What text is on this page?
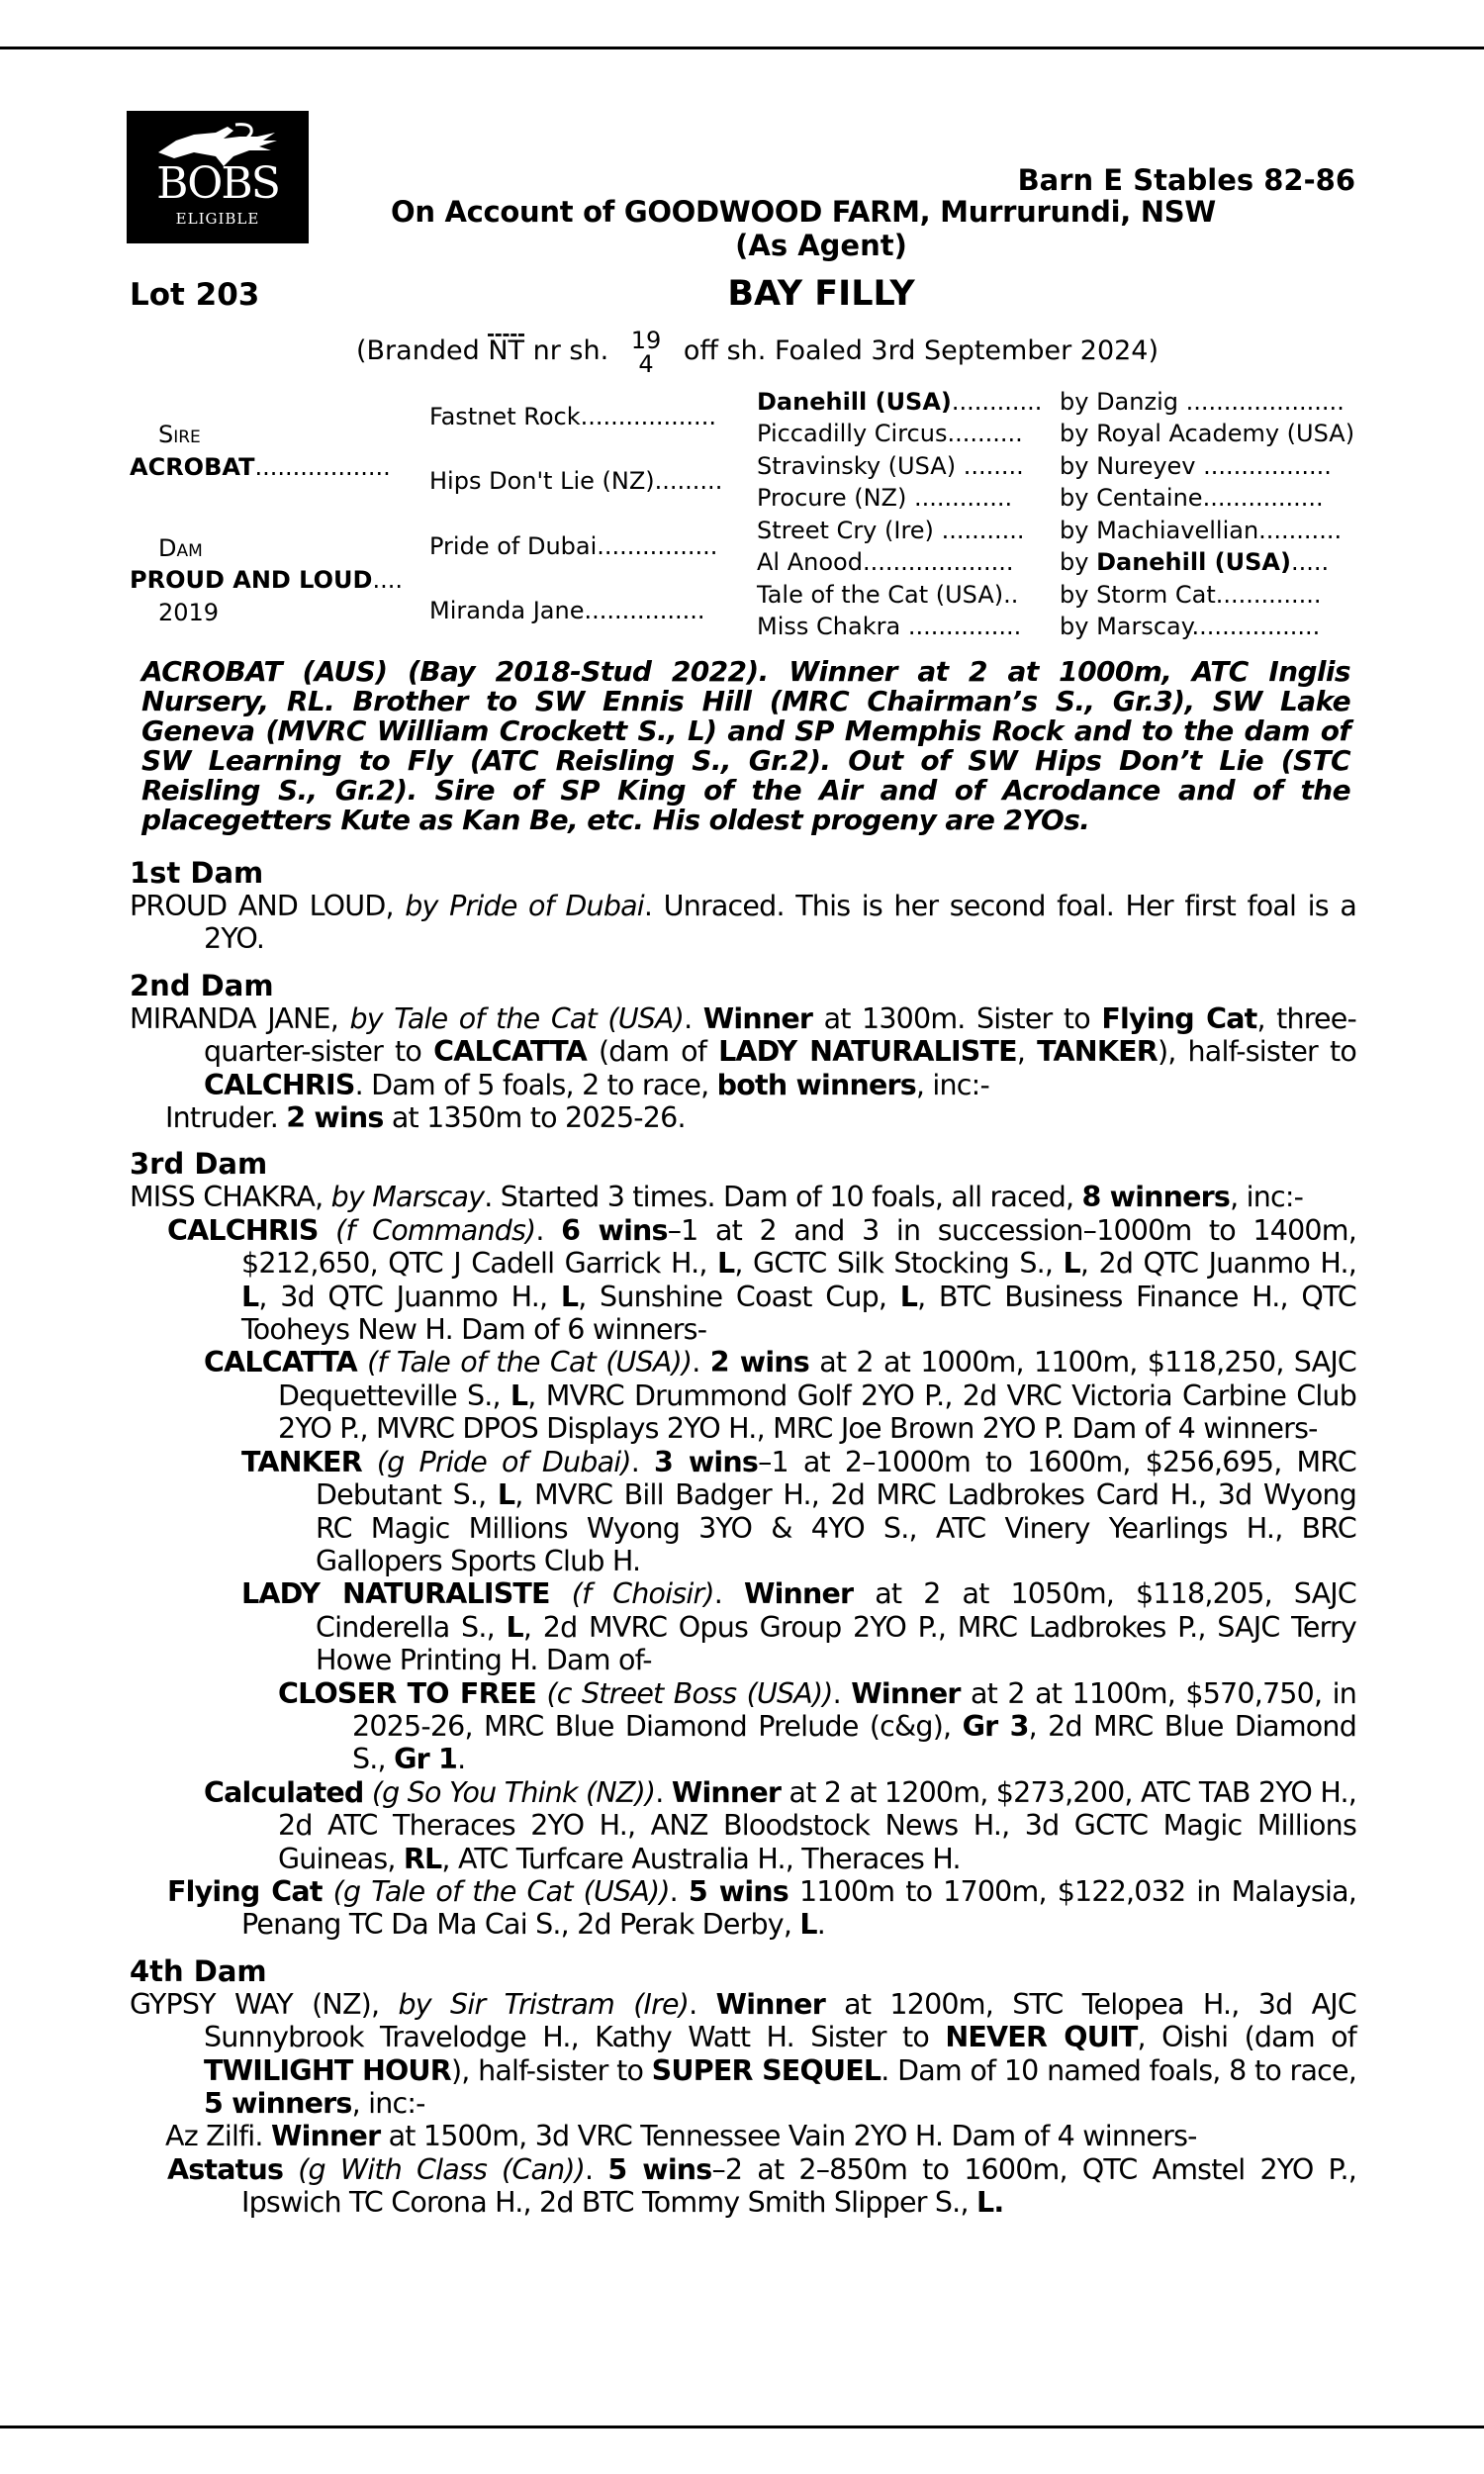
BOBS
ELIGIBLE
Barn E Stables 82-86
On Account of GOODWOOD FARM, Murrurundi, NSW
(As Agent)
Lot 203	BAY FILLY
(Branded NT nr sh. 19
4 off sh. Foaled 3rd September 2024)
Sire
ACROBAT..................
Dam
PROUD AND LOUD....
2019
Fastnet Rock..................
Hips Don't Lie (NZ).........
Pride of Dubai................
Miranda Jane................
Danehill (USA)............ by Danzig .....................
Piccadilly Circus.......... by Royal Academy (USA)
Stravinsky (USA) ........ by Nureyev .................
Procure (NZ) ............. by Centaine................
Street Cry (Ire) ........... by Machiavellian...........
Al Anood.................... by Danehill (USA).....
Tale of the Cat (USA).. by Storm Cat..............
Miss Chakra ............... by Marscay.................
ACROBAT (AUS) (Bay 2018-Stud 2022). Winner at 2 at 1000m, ATC Inglis Nursery, RL. Brother to SW Ennis Hill (MRC Chairman’s S., Gr.3), SW Lake Geneva (MVRC William Crockett S., L) and SP Memphis Rock and to the dam of SW Learning to Fly (ATC Reisling S., Gr.2). Out of SW Hips Don’t Lie (STC Reisling S., Gr.2). Sire of SP King of the Air and of Acrodance and of the placegetters Kute as Kan Be, etc. His oldest progeny are 2YOs.
1st Dam
PROUD AND LOUD, by Pride of Dubai. Unraced. This is her second foal. Her first foal is a 2YO.
2nd Dam
MIRANDA JANE, by Tale of the Cat (USA). Winner at 1300m. Sister to Flying Cat, three-quarter-sister to CALCATTA (dam of LADY NATURALISTE, TANKER), half-sister to CALCHRIS. Dam of 5 foals, 2 to race, both winners, inc:-
Intruder. 2 wins at 1350m to 2025-26.
3rd Dam
MISS CHAKRA, by Marscay. Started 3 times. Dam of 10 foals, all raced, 8 winners, inc:-
CALCHRIS (f Commands). 6 wins–1 at 2 and 3 in succession–1000m to 1400m, $212,650, QTC J Cadell Garrick H., L, GCTC Silk Stocking S., L, 2d QTC Juanmo H., L, 3d QTC Juanmo H., L, Sunshine Coast Cup, L, BTC Business Finance H., QTC Tooheys New H. Dam of 6 winners-
CALCATTA (f Tale of the Cat (USA)). 2 wins at 2 at 1000m, 1100m, $118,250, SAJC Dequetteville S., L, MVRC Drummond Golf 2YO P., 2d VRC Victoria Carbine Club 2YO P., MVRC DPOS Displays 2YO H., MRC Joe Brown 2YO P. Dam of 4 winners-
TANKER (g Pride of Dubai). 3 wins–1 at 2–1000m to 1600m, $256,695, MRC Debutant S., L, MVRC Bill Badger H., 2d MRC Ladbrokes Card H., 3d Wyong RC Magic Millions Wyong 3YO & 4YO S., ATC Vinery Yearlings H., BRC Gallopers Sports Club H.
LADY NATURALISTE (f Choisir). Winner at 2 at 1050m, $118,205, SAJC Cinderella S., L, 2d MVRC Opus Group 2YO P., MRC Ladbrokes P., SAJC Terry Howe Printing H. Dam of-
CLOSER TO FREE (c Street Boss (USA)). Winner at 2 at 1100m, $570,750, in 2025-26, MRC Blue Diamond Prelude (c&g), Gr 3, 2d MRC Blue Diamond S., Gr 1.
Calculated (g So You Think (NZ)). Winner at 2 at 1200m, $273,200, ATC TAB 2YO H., 2d ATC Theraces 2YO H., ANZ Bloodstock News H., 3d GCTC Magic Millions Guineas, RL, ATC Turfcare Australia H., Theraces H.
Flying Cat (g Tale of the Cat (USA)). 5 wins 1100m to 1700m, $122,032 in Malaysia, Penang TC Da Ma Cai S., 2d Perak Derby, L.
4th Dam
GYPSY WAY (NZ), by Sir Tristram (Ire). Winner at 1200m, STC Telopea H., 3d AJC Sunnybrook Travelodge H., Kathy Watt H. Sister to NEVER QUIT, Oishi (dam of TWILIGHT HOUR), half-sister to SUPER SEQUEL. Dam of 10 named foals, 8 to race, 5 winners, inc:-
Az Zilfi. Winner at 1500m, 3d VRC Tennessee Vain 2YO H. Dam of 4 winners-
Astatus (g With Class (Can)). 5 wins–2 at 2–850m to 1600m, QTC Amstel 2YO P., Ipswich TC Corona H., 2d BTC Tommy Smith Slipper S., L.
